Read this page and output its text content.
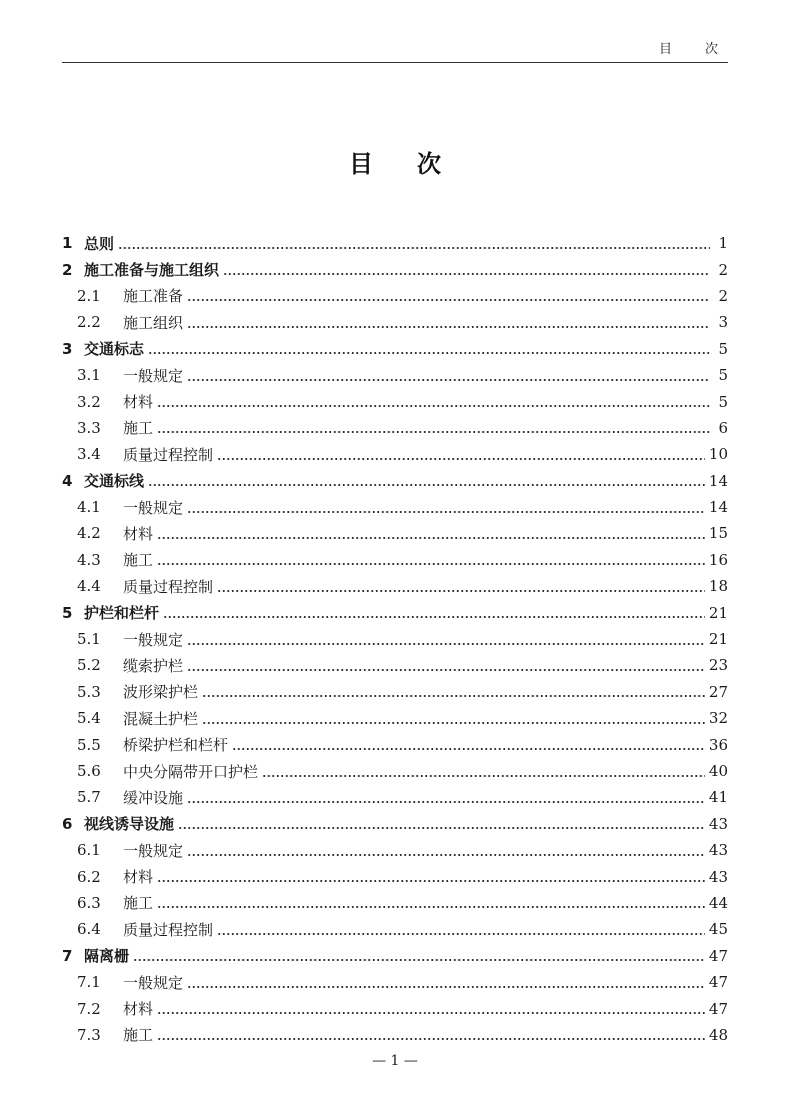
目　次
目次
1 总则	1
2 施工准备与施工组织	2
2.1	施工准备	2
2.2	施工组织	3
3 交通标志	5
3.1	一般规定	5
3.2	材料	5
3.3	施工	6
3.4	质量过程控制	10
4 交通标线	14
4.1	一般规定	14
4.2	材料	15
4.3	施工	16
4.4	质量过程控制	18
5 护栏和栏杆	21
5.1	一般规定	21
5.2	缆索护栏	23
5.3	波形梁护栏	27
5.4	混凝土护栏	32
5.5	桥梁护栏和栏杆	36
5.6	中央分隔带开口护栏	40
5.7	缓冲设施	41
6 视线诱导设施	43
6.1	一般规定	43
6.2	材料	43
6.3	施工	44
6.4	质量过程控制	45
7 隔离栅	47
7.1	一般规定	47
7.2	材料	47
7.3	施工	48
— 1 —
